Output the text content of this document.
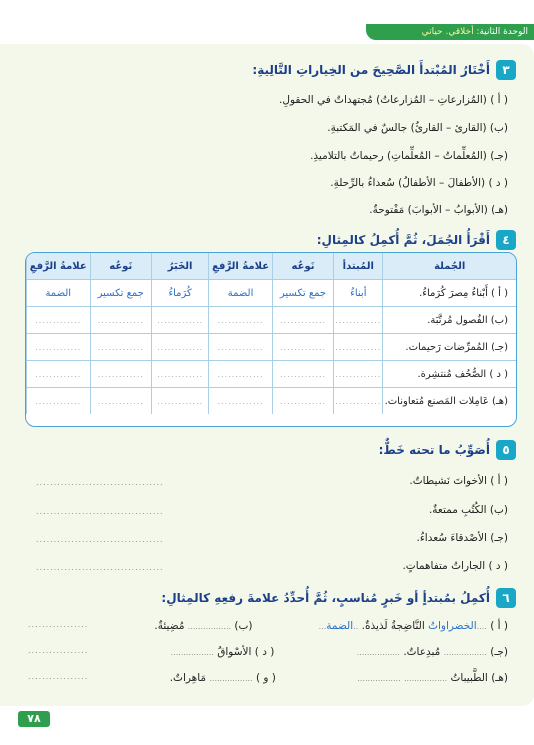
الوحدة الثانية: أخلاقي. حياتي
٣
أَخْتَارُ المُبْتدأَ الصَّحِيحَ من الخِياراتِ التَّالِيةِ:
( أ ) (المُزارعاتِ – المُزارعاتُ) مُجتهداتٌ في الحقولِ.
(ب) (القارئ – القارئُ) جالسٌ في المَكتبةِ.
(جـ) (المُعلِّماتُ – المُعلِّماتِ) رحيماتٌ بالتلاميذِ.
( د ) (الأطفالَ – الأطفالُ) سُعداءُ بالرِّحلةِ.
(هـ) (الأبوابُ – الأبوابَ) مَفْتوحةٌ.
٤
أَقْرَأُ الجُمَلَ، ثُمَّ أُكمِلُ كالمِثالِ:
الجُملة	المُبتدأ	نَوعُه	علامةُ الرَّفعِ	الخَبَرُ	نَوعُه	علامةُ الرَّفعِ
( أ ) أَبْناءُ مِصرَ كُرَماءُ.	أبناءُ	جمع تكسير	الضمة	كُرَماءُ	جمع تكسير	الضمة
(ب) الفُصول مُرتَّبَة.	.............	.............	.............	.............	.............	.............
(جـ) المُمرِّضات رَحيمات.	.............	.............	.............	.............	.............	.............
( د ) الصُّحُف مُنتشِرة.	.............	.............	.............	.............	.............	.............
(هـ) عَامِلات المَصنع مُتعاونات.	.............	.............	.............	.............	.............	.............
٥
أُصَوِّبُ ما تحته خَطٌّ:
( أ ) الأخواتَ نَشيطاتٌ.
....................................
(ب) الكُتُبِ ممتعةٌ.
....................................
(جـ) الأصْدقاءَ سُعداءُ.
....................................
( د ) الجاراتُ متفاهماتٍ.
....................................
٦
أُكمِلُ بمُبتدأٍ أو خَبرٍ مُناسبٍ، ثُمَّ أُحدِّدُ علامةَ رفعِهِ كالمِثالِ:
( أ ) ....الخضراواتُ النَّاضِجةُ لَذيذةٌ. ..الضمة...
(ب) ................. مُضِيئةٌ.
.................
(جـ) ................. مُبدِعاتٌ. .................
( د ) الأسْواقُ .................
.................
(هـ) الطَّبيباتُ ................. .................
( و ) ................. مَاهِراتٌ.
.................
٧٨
